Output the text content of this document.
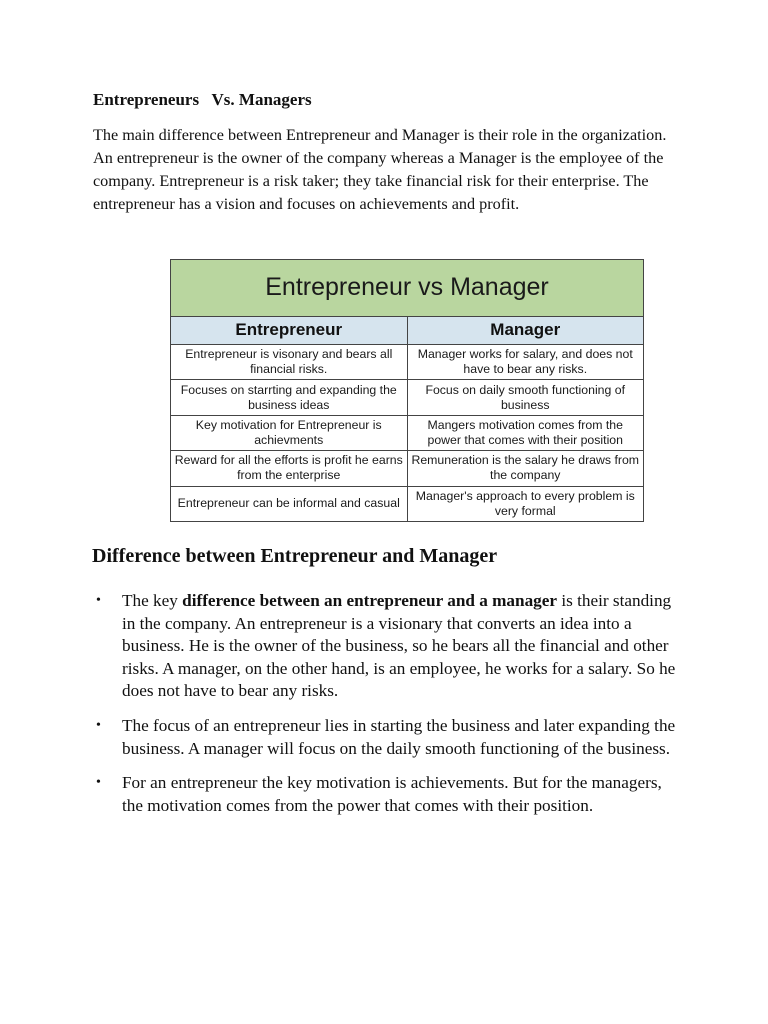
Entrepreneurs   Vs. Managers
The main difference between Entrepreneur and Manager is their role in the organization. An entrepreneur is the owner of the company whereas a Manager is the employee of the company. Entrepreneur is a risk taker; they take financial risk for their enterprise. The entrepreneur has a vision and focuses on achievements and profit.
Entrepreneur vs Manager	
Entrepreneur	Manager
Entrepreneur is visonary and bears all financial risks.	Manager works for salary, and does not have to bear any risks.
Focuses on starrting and expanding the business ideas	Focus on daily smooth functioning of business
Key motivation for Entrepreneur is achievments	Mangers motivation comes from the power that comes with their position
Reward for all the efforts is profit he earns from the enterprise	Remuneration is the salary he draws from the company
Entrepreneur can be informal and casual	Manager's approach to every problem is very formal
Difference between Entrepreneur and Manager
• The key difference between an entrepreneur and a manager is their standing in the company. An entrepreneur is a visionary that converts an idea into a business. He is the owner of the business, so he bears all the financial and other risks. A manager, on the other hand, is an employee, he works for a salary. So he does not have to bear any risks.
• The focus of an entrepreneur lies in starting the business and later expanding the business. A manager will focus on the daily smooth functioning of the business.
• For an entrepreneur the key motivation is achievements. But for the managers, the motivation comes from the power that comes with their position.
